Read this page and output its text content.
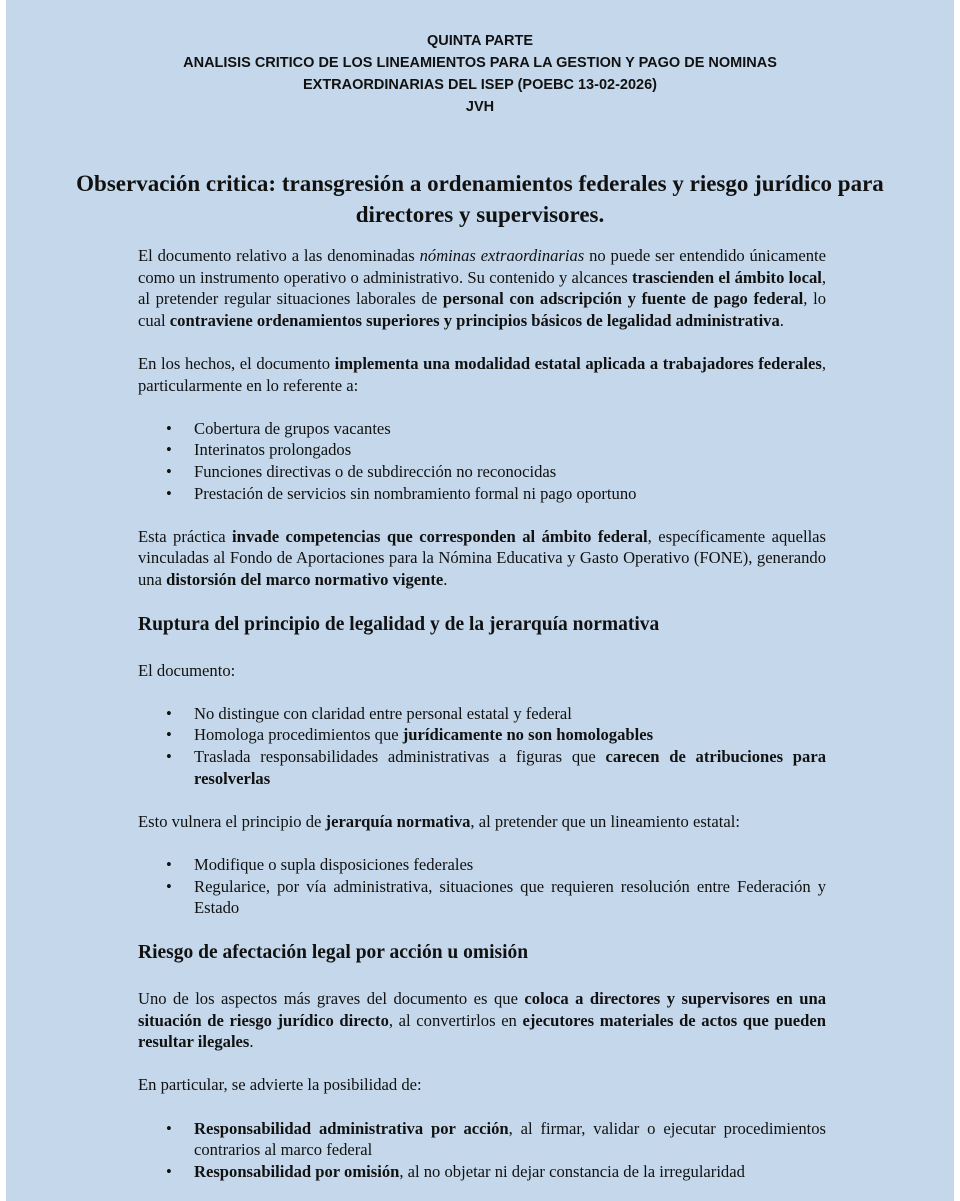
QUINTA PARTE
ANALISIS CRITICO DE LOS LINEAMIENTOS PARA LA GESTION Y PAGO DE NOMINAS
EXTRAORDINARIAS DEL ISEP (POEBC 13-02-2026)
JVH
Observación critica: transgresión a ordenamientos federales y riesgo jurídico para directores y supervisores.

El documento relativo a las denominadas nóminas extraordinarias no puede ser entendido únicamente como un instrumento operativo o administrativo. Su contenido y alcances trascienden el ámbito local, al pretender regular situaciones laborales de personal con adscripción y fuente de pago federal, lo cual contraviene ordenamientos superiores y principios básicos de legalidad administrativa.

En los hechos, el documento implementa una modalidad estatal aplicada a trabajadores federales, particularmente en lo referente a:

• Cobertura de grupos vacantes
• Interinatos prolongados
• Funciones directivas o de subdirección no reconocidas
• Prestación de servicios sin nombramiento formal ni pago oportuno

Esta práctica invade competencias que corresponden al ámbito federal, específicamente aquellas vinculadas al Fondo de Aportaciones para la Nómina Educativa y Gasto Operativo (FONE), generando una distorsión del marco normativo vigente.

Ruptura del principio de legalidad y de la jerarquía normativa

El documento:

• No distingue con claridad entre personal estatal y federal
• Homologa procedimientos que jurídicamente no son homologables
• Traslada responsabilidades administrativas a figuras que carecen de atribuciones para resolverlas

Esto vulnera el principio de jerarquía normativa, al pretender que un lineamiento estatal:

• Modifique o supla disposiciones federales
• Regularice, por vía administrativa, situaciones que requieren resolución entre Federación y Estado
Riesgo de afectación legal por acción u omisión

Uno de los aspectos más graves del documento es que coloca a directores y supervisores en una situación de riesgo jurídico directo, al convertirlos en ejecutores materiales de actos que pueden resultar ilegales.

En particular, se advierte la posibilidad de:

• Responsabilidad administrativa por acción, al firmar, validar o ejecutar procedimientos contrarios al marco federal
• Responsabilidad por omisión, al no objetar ni dejar constancia de la irregularidad
